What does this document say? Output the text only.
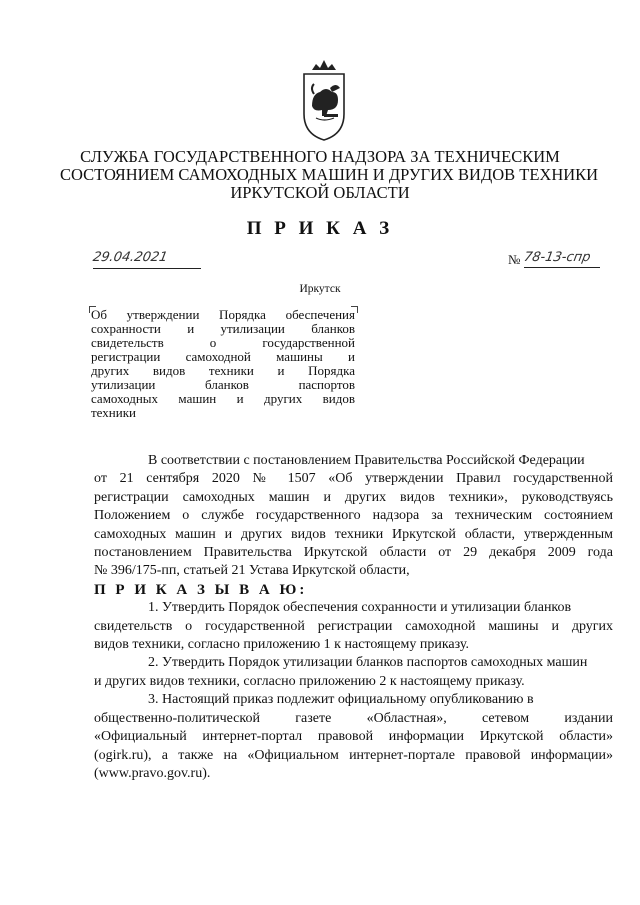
СЛУЖБА ГОСУДАРСТВЕННОГО НАДЗОРА ЗА ТЕХНИЧЕСКИМ
СОСТОЯНИЕМ САМОХОДНЫХ МАШИН И ДРУГИХ ВИДОВ ТЕХНИКИ
ИРКУТСКОЙ ОБЛАСТИ
П Р И К А З
29.04.2021	№ 78-13-спр
Иркутск
Об утверждении Порядка обеспечения
сохранности и утилизации бланков
свидетельств о государственной
регистрации самоходной машины и
других видов техники и Порядка
утилизации бланков паспортов
самоходных машин и других видов
техники
В соответствии с постановлением Правительства Российской Федерации
от 21 сентября 2020 № 1507 «Об утверждении Правил государственной
регистрации самоходных машин и других видов техники», руководствуясь
Положением о службе государственного надзора за техническим состоянием
самоходных машин и других видов техники Иркутской области, утвержденным
постановлением Правительства Иркутской области от 29 декабря 2009 года
№ 396/175-пп, статьей 21 Устава Иркутской области,
П Р И К А З Ы В А Ю:
1. Утвердить Порядок обеспечения сохранности и утилизации бланков
свидетельств о государственной регистрации самоходной машины и других
видов техники, согласно приложению 1 к настоящему приказу.
2. Утвердить Порядок утилизации бланков паспортов самоходных машин
и других видов техники, согласно приложению 2 к настоящему приказу.
3. Настоящий приказ подлежит официальному опубликованию в
общественно-политической газете «Областная», сетевом издании
«Официальный интернет-портал правовой информации Иркутской области»
(ogirk.ru), а также на «Официальном интернет-портале правовой информации»
(www.pravo.gov.ru).
